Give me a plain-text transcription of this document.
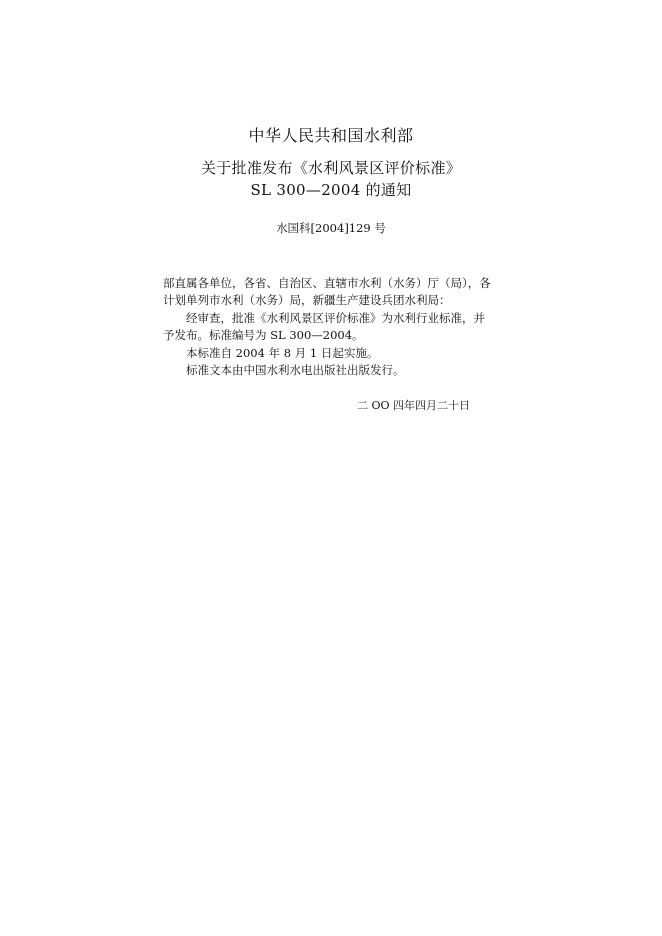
中华人民共和国水利部
关于批准发布《水利风景区评价标准》
SL 300—2004 的通知
水国科[2004]129 号
部直属各单位，各省、自治区、直辖市水利（水务）厅（局），各
计划单列市水利（水务）局，新疆生产建设兵团水利局：
经审查，批准《水利风景区评价标准》为水利行业标准，并
予发布。标准编号为 SL 300—2004。
本标准自 2004 年 8 月 1 日起实施。
标准文本由中国水利水电出版社出版发行。
二 OO 四年四月二十日
